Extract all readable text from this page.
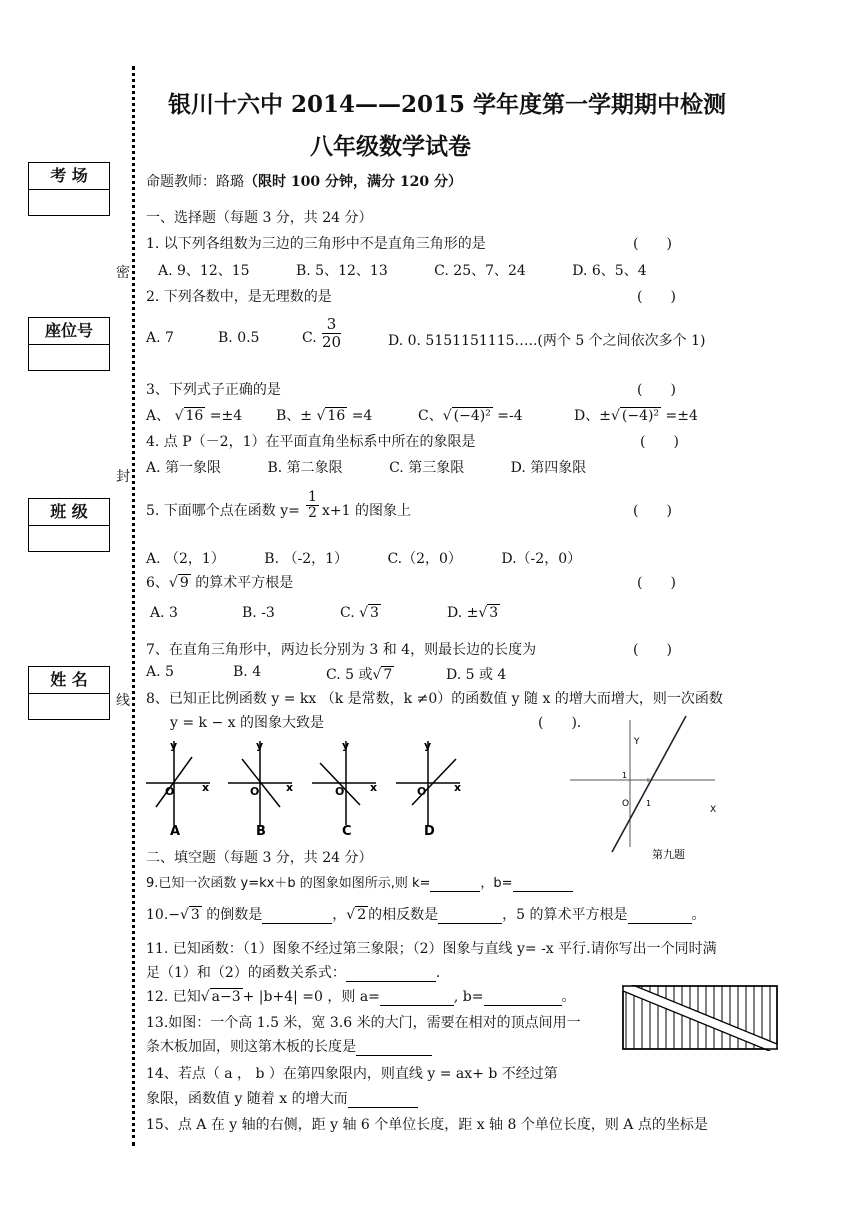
银川十六中 2014——2015 学年度第一学期期中检测
八年级数学试卷
命题教师：路璐（限时 100 分钟，满分 120 分）
考 场
座位号
班 级
姓 名
密
封
线
一、选择题（每题 3 分，共 24 分）
1. 以下列各组数为三边的三角形中不是直角三角形的是	(　　)
A. 9、12、15　　　 B. 5、12、13　　　 C. 25、7、24　　　 D. 6、5、4
2. 下列各数中，是无理数的是	(　　)
A. 7	B. 0.5	C. $\frac{3}{20}$	D. 0. 5151151115…..(两个 5 个之间依次多个 1)
3、下列式子正确的是	(　　)
A、 √ 16 =±4 B、± √ 16 =4	C、√ (−4)² =-4	D、±√ (−4)² =±4
4. 点 P（－2，1）在平面直角坐标系中所在的象限是	(　　)
A. 第一象限　　　 B. 第二象限　　　 C. 第三象限　　　 D. 第四象限
5. 下面哪个点在函数 $y= \frac{1}{2} x+1$ 的图象上	(　　)
A. （2，1）　　　 B. （-2，1）　　　 C.（2，0）　　　 D.（-2，0）
6、√ 9 的算术平方根是	(　　)
A. 3	B. -3	C. √ 3	D. ±√ 3
7、在直角三角形中，两边长分别为 3 和 4，则最长边的长度为	(　　)
A. 5	B. 4	C. 5 或√ 7	D. 5 或 4
8、已知正比例函数 y = kx （k 是常数，k ≠0）的函数值 y 随 x 的增大而增大，则一次函数
y = k − x 的图象大致是	(　　)．
y
x
O
A
y
x
O
B
y
x
O
C
y
x
O
D
Y
X
O 1
1
第九题
二、填空题（每题 3 分，共 24 分）
9.已知一次函数 y=kx＋b 的图象如图所示,则 k=	，b=
10.−√ 3 的倒数是	，√ 2 的相反数是	，5 的算术平方根是	。
11. 已知函数：（1）图象不经过第三象限；（2）图象与直线 y= -x 平行.请你写出一个同时满
足（1）和（2）的函数关系式：	.
12. 已知√ a−3 + |b+4| =0 ，则 a=	, b=	。
13.如图：一个高 1.5 米，宽 3.6 米的大门，需要在相对的顶点间用一
条木板加固，则这第木板的长度是
14、若点（ a ， b ）在第四象限内，则直线 y = ax+ b 不经过第
象限，函数值 y 随着 x 的增大而
15、点 A 在 y 轴的右侧，距 y 轴 6 个单位长度，距 x 轴 8 个单位长度，则 A 点的坐标是
